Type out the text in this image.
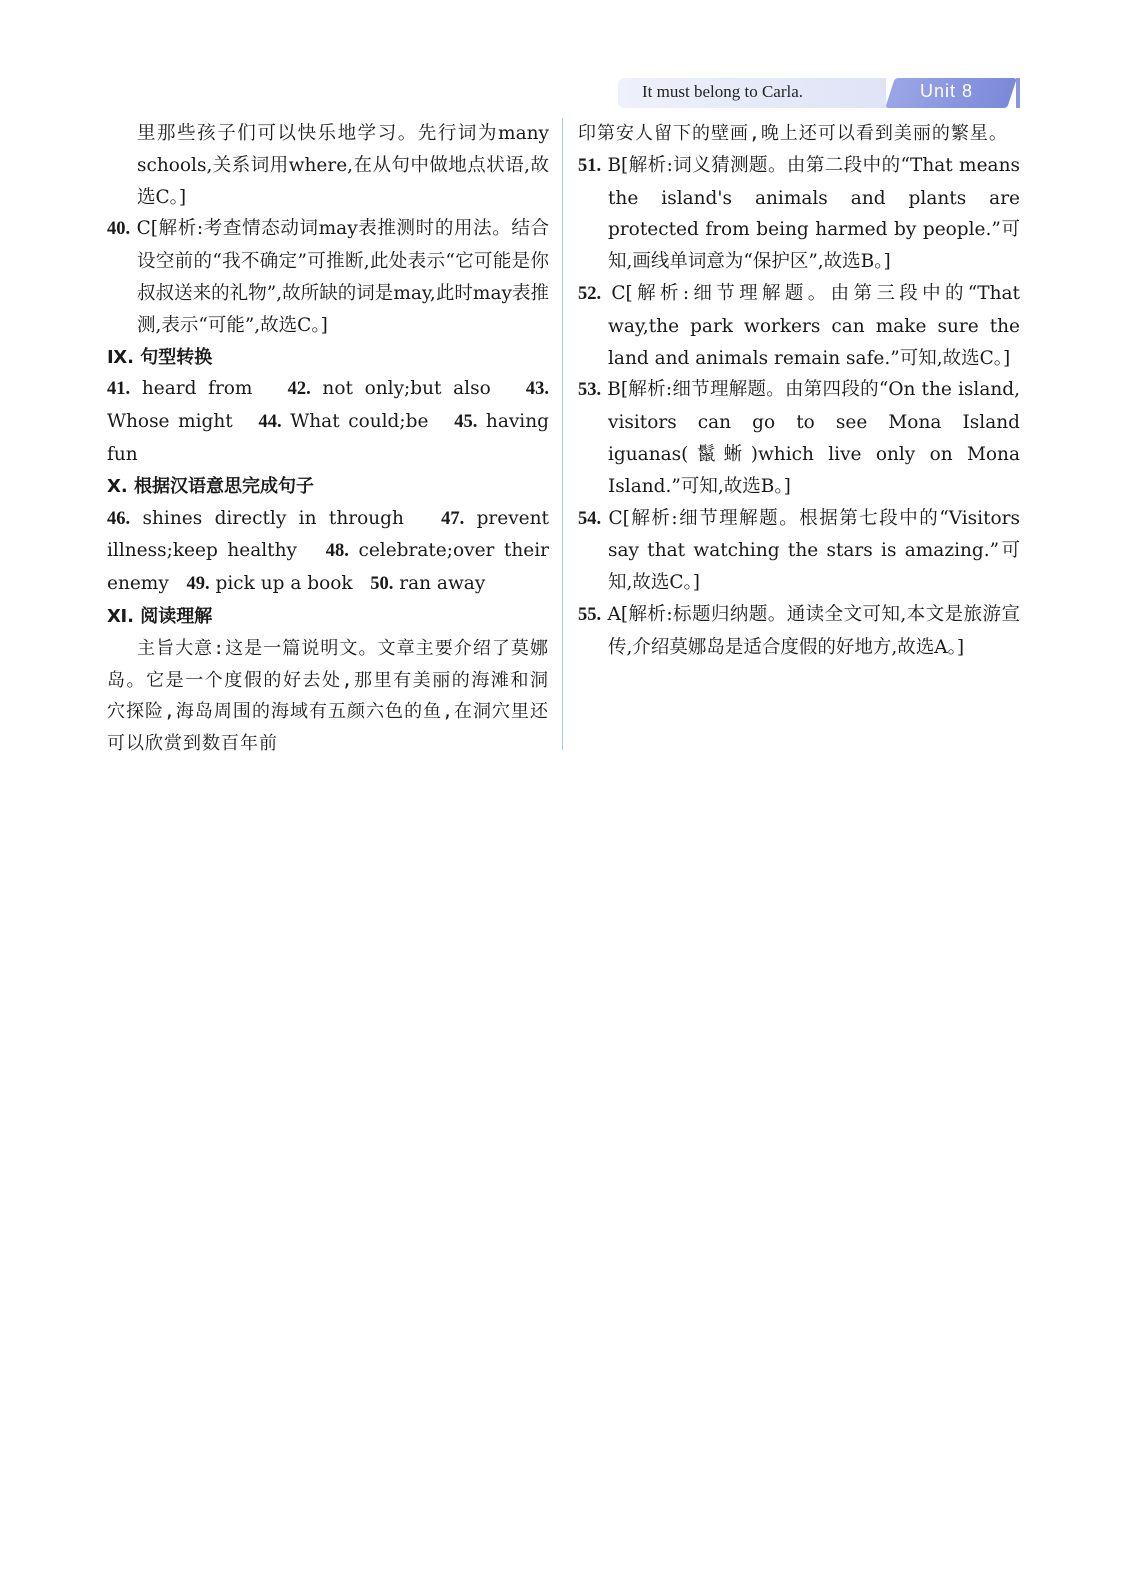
It must belong to Carla.	Unit 8

里那些孩子们可以快乐地学习。先行词为many schools,关系词用where,在从句中做地点状语,故选C。]

40. C[解析:考查情态动词may表推测时的用法。结合设空前的“我不确定”可推断,此处表示“它可能是你叔叔送来的礼物”,故所缺的词是may,此时may表推测,表示“可能”,故选C。]

Ⅸ. 句型转换

41. heard from 42. not only;but also 43. Whose might 44. What could;be 45. having fun

Ⅹ. 根据汉语意思完成句子

46. shines directly in through 47. prevent illness;keep healthy 48. celebrate;over their enemy 49. pick up a book 50. ran away

Ⅺ. 阅读理解

主旨大意:这是一篇说明文。文章主要介绍了莫娜岛。它是一个度假的好去处,那里有美丽的海滩和洞穴探险,海岛周围的海域有五颜六色的鱼,在洞穴里还可以欣赏到数百年前

印第安人留下的壁画,晚上还可以看到美丽的繁星。

51. B[解析:词义猜测题。由第二段中的“That means the island's animals and plants are protected from being harmed by people.”可知,画线单词意为“保护区”,故选B。]

52. C[解析:细节理解题。由第三段中的“That way,the park workers can make sure the land and animals remain safe.”可知,故选C。]

53. B[解析:细节理解题。由第四段的“On the island, visitors can go to see Mona Island iguanas(鬣蜥)which live only on Mona Island.”可知,故选B。]

54. C[解析:细节理解题。根据第七段中的“Visitors say that watching the stars is amazing.”可知,故选C。]

55. A[解析:标题归纳题。通读全文可知,本文是旅游宣传,介绍莫娜岛是适合度假的好地方,故选A。]
